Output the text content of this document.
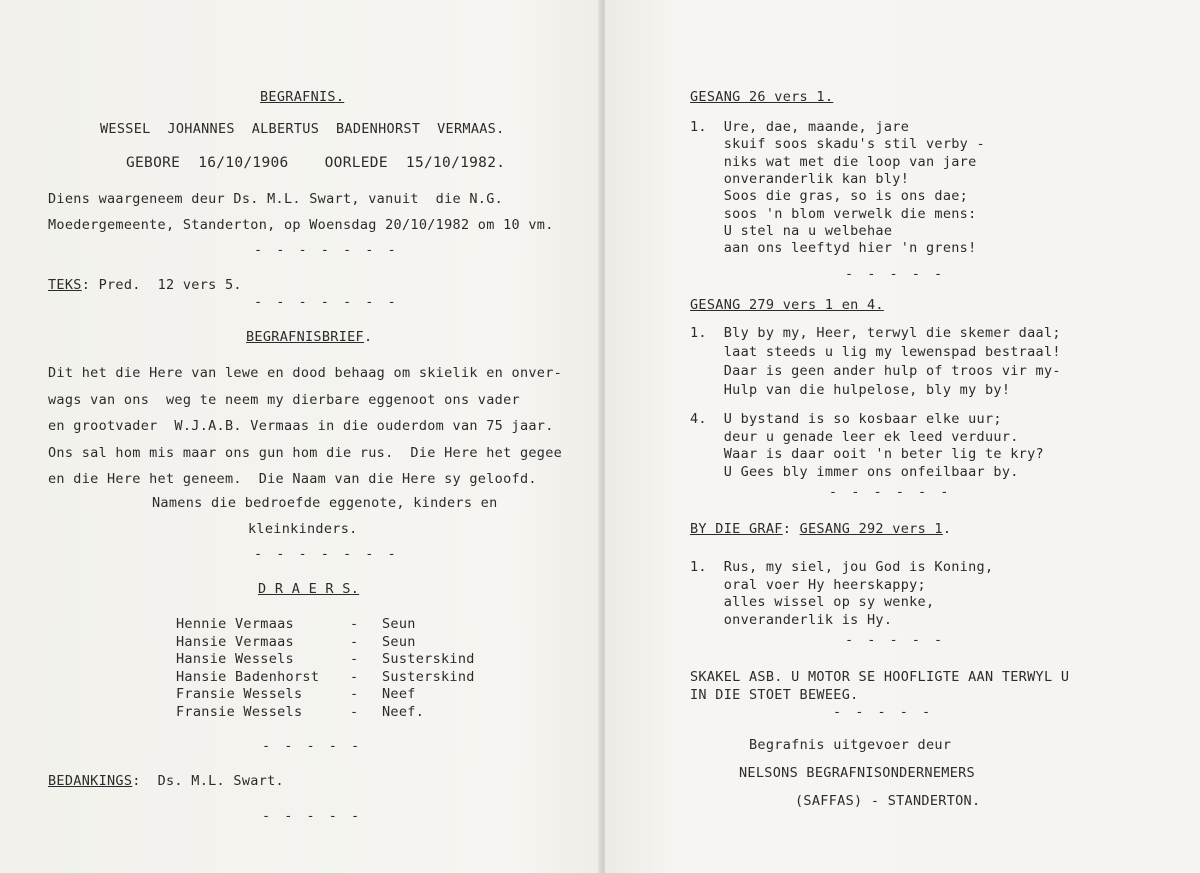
BEGRAFNIS.
WESSEL  JOHANNES  ALBERTUS  BADENHORST  VERMAAS.
GEBORE  16/10/1906    OORLEDE  15/10/1982.
Diens waargeneem deur Ds. M.L. Swart, vanuit  die N.G.
Moedergemeente, Standerton, op Woensdag 20/10/1982 om 10 vm.
- - - - - - -
TEKS: Pred.  12 vers 5.
- - - - - - -
BEGRAFNISBRIEF.
Dit het die Here van lewe en dood behaag om skielik en onver-
wags van ons  weg te neem my dierbare eggenoot ons vader
en grootvader  W.J.A.B. Vermaas in die ouderdom van 75 jaar.
Ons sal hom mis maar ons gun hom die rus.  Die Here het gegee
en die Here het geneem.  Die Naam van die Here sy geloofd.
Namens die bedroefde eggenote, kinders en
kleinkinders.
- - - - - - -
D R A E R S.
Hennie Vermaas	- Seun
Hansie Vermaas	- Seun
Hansie Wessels	- Susterskind
Hansie Badenhorst - Susterskind
Fransie Wessels	- Neef
Fransie Wessels	- Neef.
- - - - -
BEDANKINGS:  Ds. M.L. Swart.
- - - - -
GESANG 26 vers 1.
1.  Ure, dae, maande, jare
skuif soos skadu's stil verby -
niks wat met die loop van jare
onveranderlik kan bly!
Soos die gras, so is ons dae;
soos 'n blom verwelk die mens:
U stel na u welbehae
aan ons leeftyd hier 'n grens!
- - - - -
GESANG 279 vers 1 en 4.
1.  Bly by my, Heer, terwyl die skemer daal;
laat steeds u lig my lewenspad bestraal!
Daar is geen ander hulp of troos vir my-
Hulp van die hulpelose, bly my by!
4.  U bystand is so kosbaar elke uur;
deur u genade leer ek leed verduur.
Waar is daar ooit 'n beter lig te kry?
U Gees bly immer ons onfeilbaar by.
- - - - - -
BY DIE GRAF: GESANG 292 vers 1.
1.  Rus, my siel, jou God is Koning,
oral voer Hy heerskappy;
alles wissel op sy wenke,
onveranderlik is Hy.
- - - - -
SKAKEL ASB. U MOTOR SE HOOFLIGTE AAN TERWYL U
IN DIE STOET BEWEEG.
- - - - -
Begrafnis uitgevoer deur
NELSONS BEGRAFNISONDERNEMERS
(SAFFAS) - STANDERTON.
